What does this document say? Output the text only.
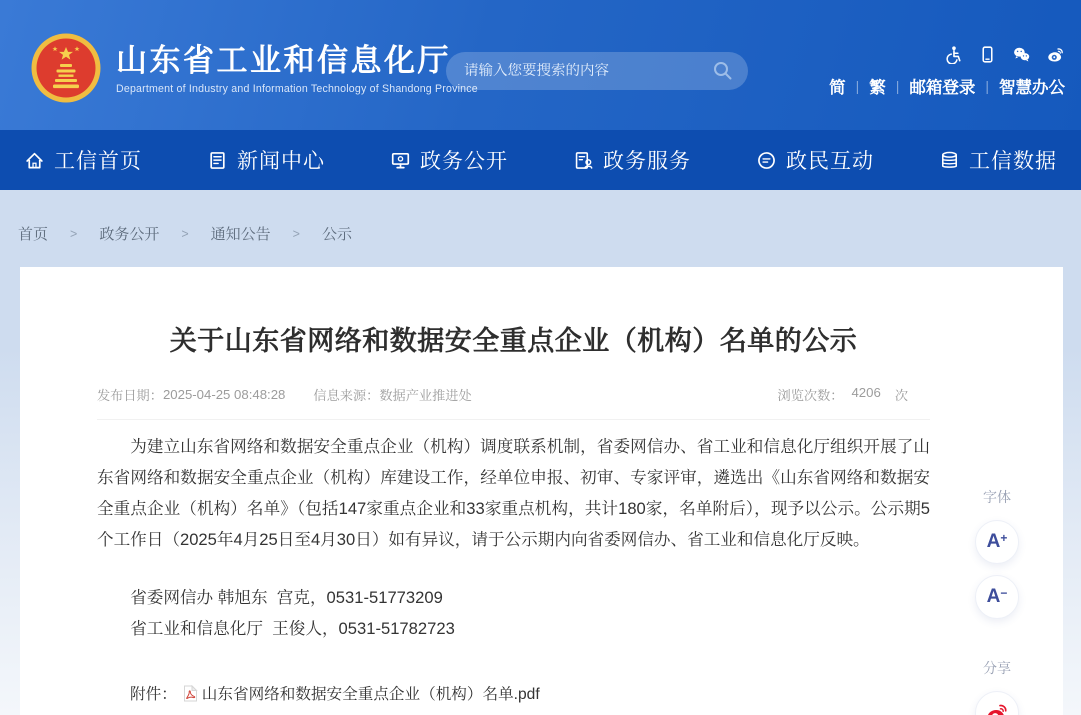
山东省工业和信息化厅
Department of Industry and Information Technology of Shandong Province
请输入您要搜索的内容	简 | 繁 | 邮箱登录 | 智慧办公
工信首页	新闻中心	政务公开	政务服务	政民互动	工信数据
首页 > 政务公开 > 通知公告 > 公示
关于山东省网络和数据安全重点企业（机构）名单的公示
发布日期： 2025-04-25 08:48:28 信息来源： 数据产业推进处	浏览次数： 4206 次

为建立山东省网络和数据安全重点企业（机构）调度联系机制，省委网信办、省工业和信息化厅组织开展了山东省网络和数据安全重点企业（机构）库建设工作，经单位申报、初审、专家评审，遴选出《山东省网络和数据安全重点企业（机构）名单》（包括147家重点企业和33家重点机构，共计180家，名单附后），现予以公示。公示期5个工作日（2025年4月25日至4月30日）如有异议，请于公示期内向省委网信办、省工业和信息化厅反映。

省委网信办 韩旭东  宫克，0531-51773209

省工业和信息化厅  王俊人，0531-51782723

附件： 山东省网络和数据安全重点企业（机构）名单.pdf
字体
A+
A−
分享
